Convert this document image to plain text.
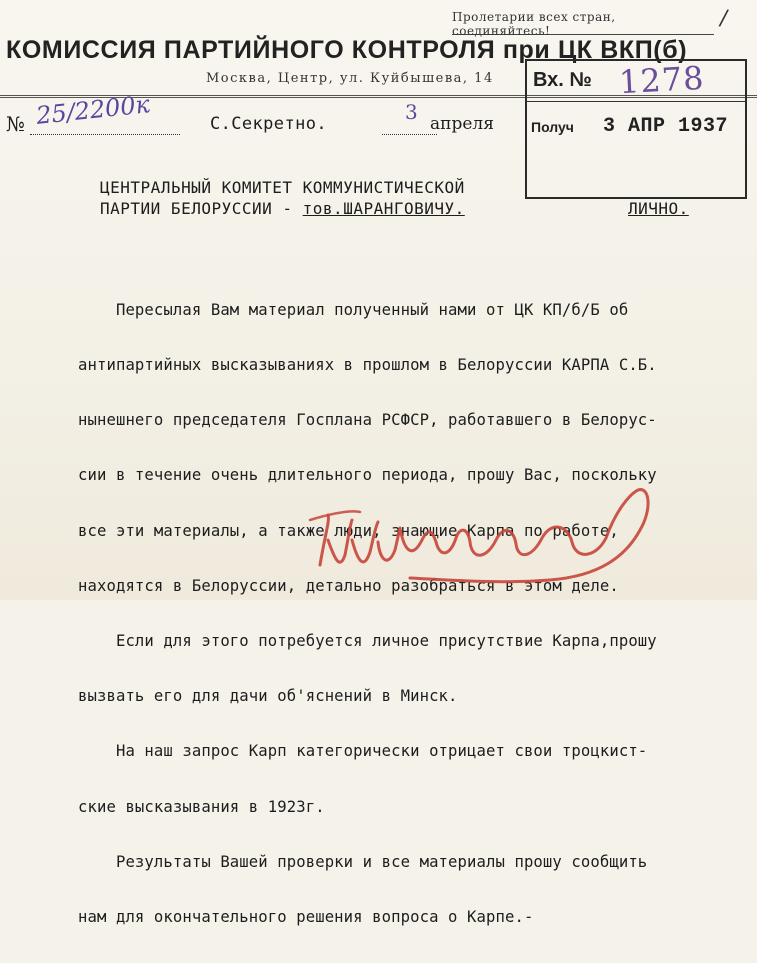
Пролетарии всех стран, соединяйтесь!	/
КОМИССИЯ ПАРТИЙНОГО КОНТРОЛЯ при ЦК ВКП(б)
Москва, Центр, ул. Куйбышева, 14 Вх. № 1278
Получ 3 АПР 1937
№ 25/2200к	С.Секретно.	3 апреля
ЦЕНТРАЛЬНЫЙ КОМИТЕТ КОММУНИСТИЧЕСКОЙ
ПАРТИИ БЕЛОРУССИИ - тов.ШАРАНГОВИЧУ.	ЛИЧНО.

Пересылая Вам материал полученный нами от ЦК КП/б/Б об

антипартийных высказываниях в прошлом в Белоруссии КАРПА С.Б.

нынешнего председателя Госплана РСФСР, работавшего в Белорус-

сии в течение очень длительного периода, прошу Вас, поскольку

все эти материалы, а также люди, знающие Карпа по работе,

находятся в Белоруссии, детально разобраться в этом деле.

Если для этого потребуется личное присутствие Карпа,прошу

вызвать его для дачи об'яснений в Минск.

На наш запрос Карп категорически отрицает свои троцкист-

ские высказывания в 1923г.

Результаты Вашей проверки и все материалы прошу сообщить

нам для окончательного решения вопроса о Карпе.-
